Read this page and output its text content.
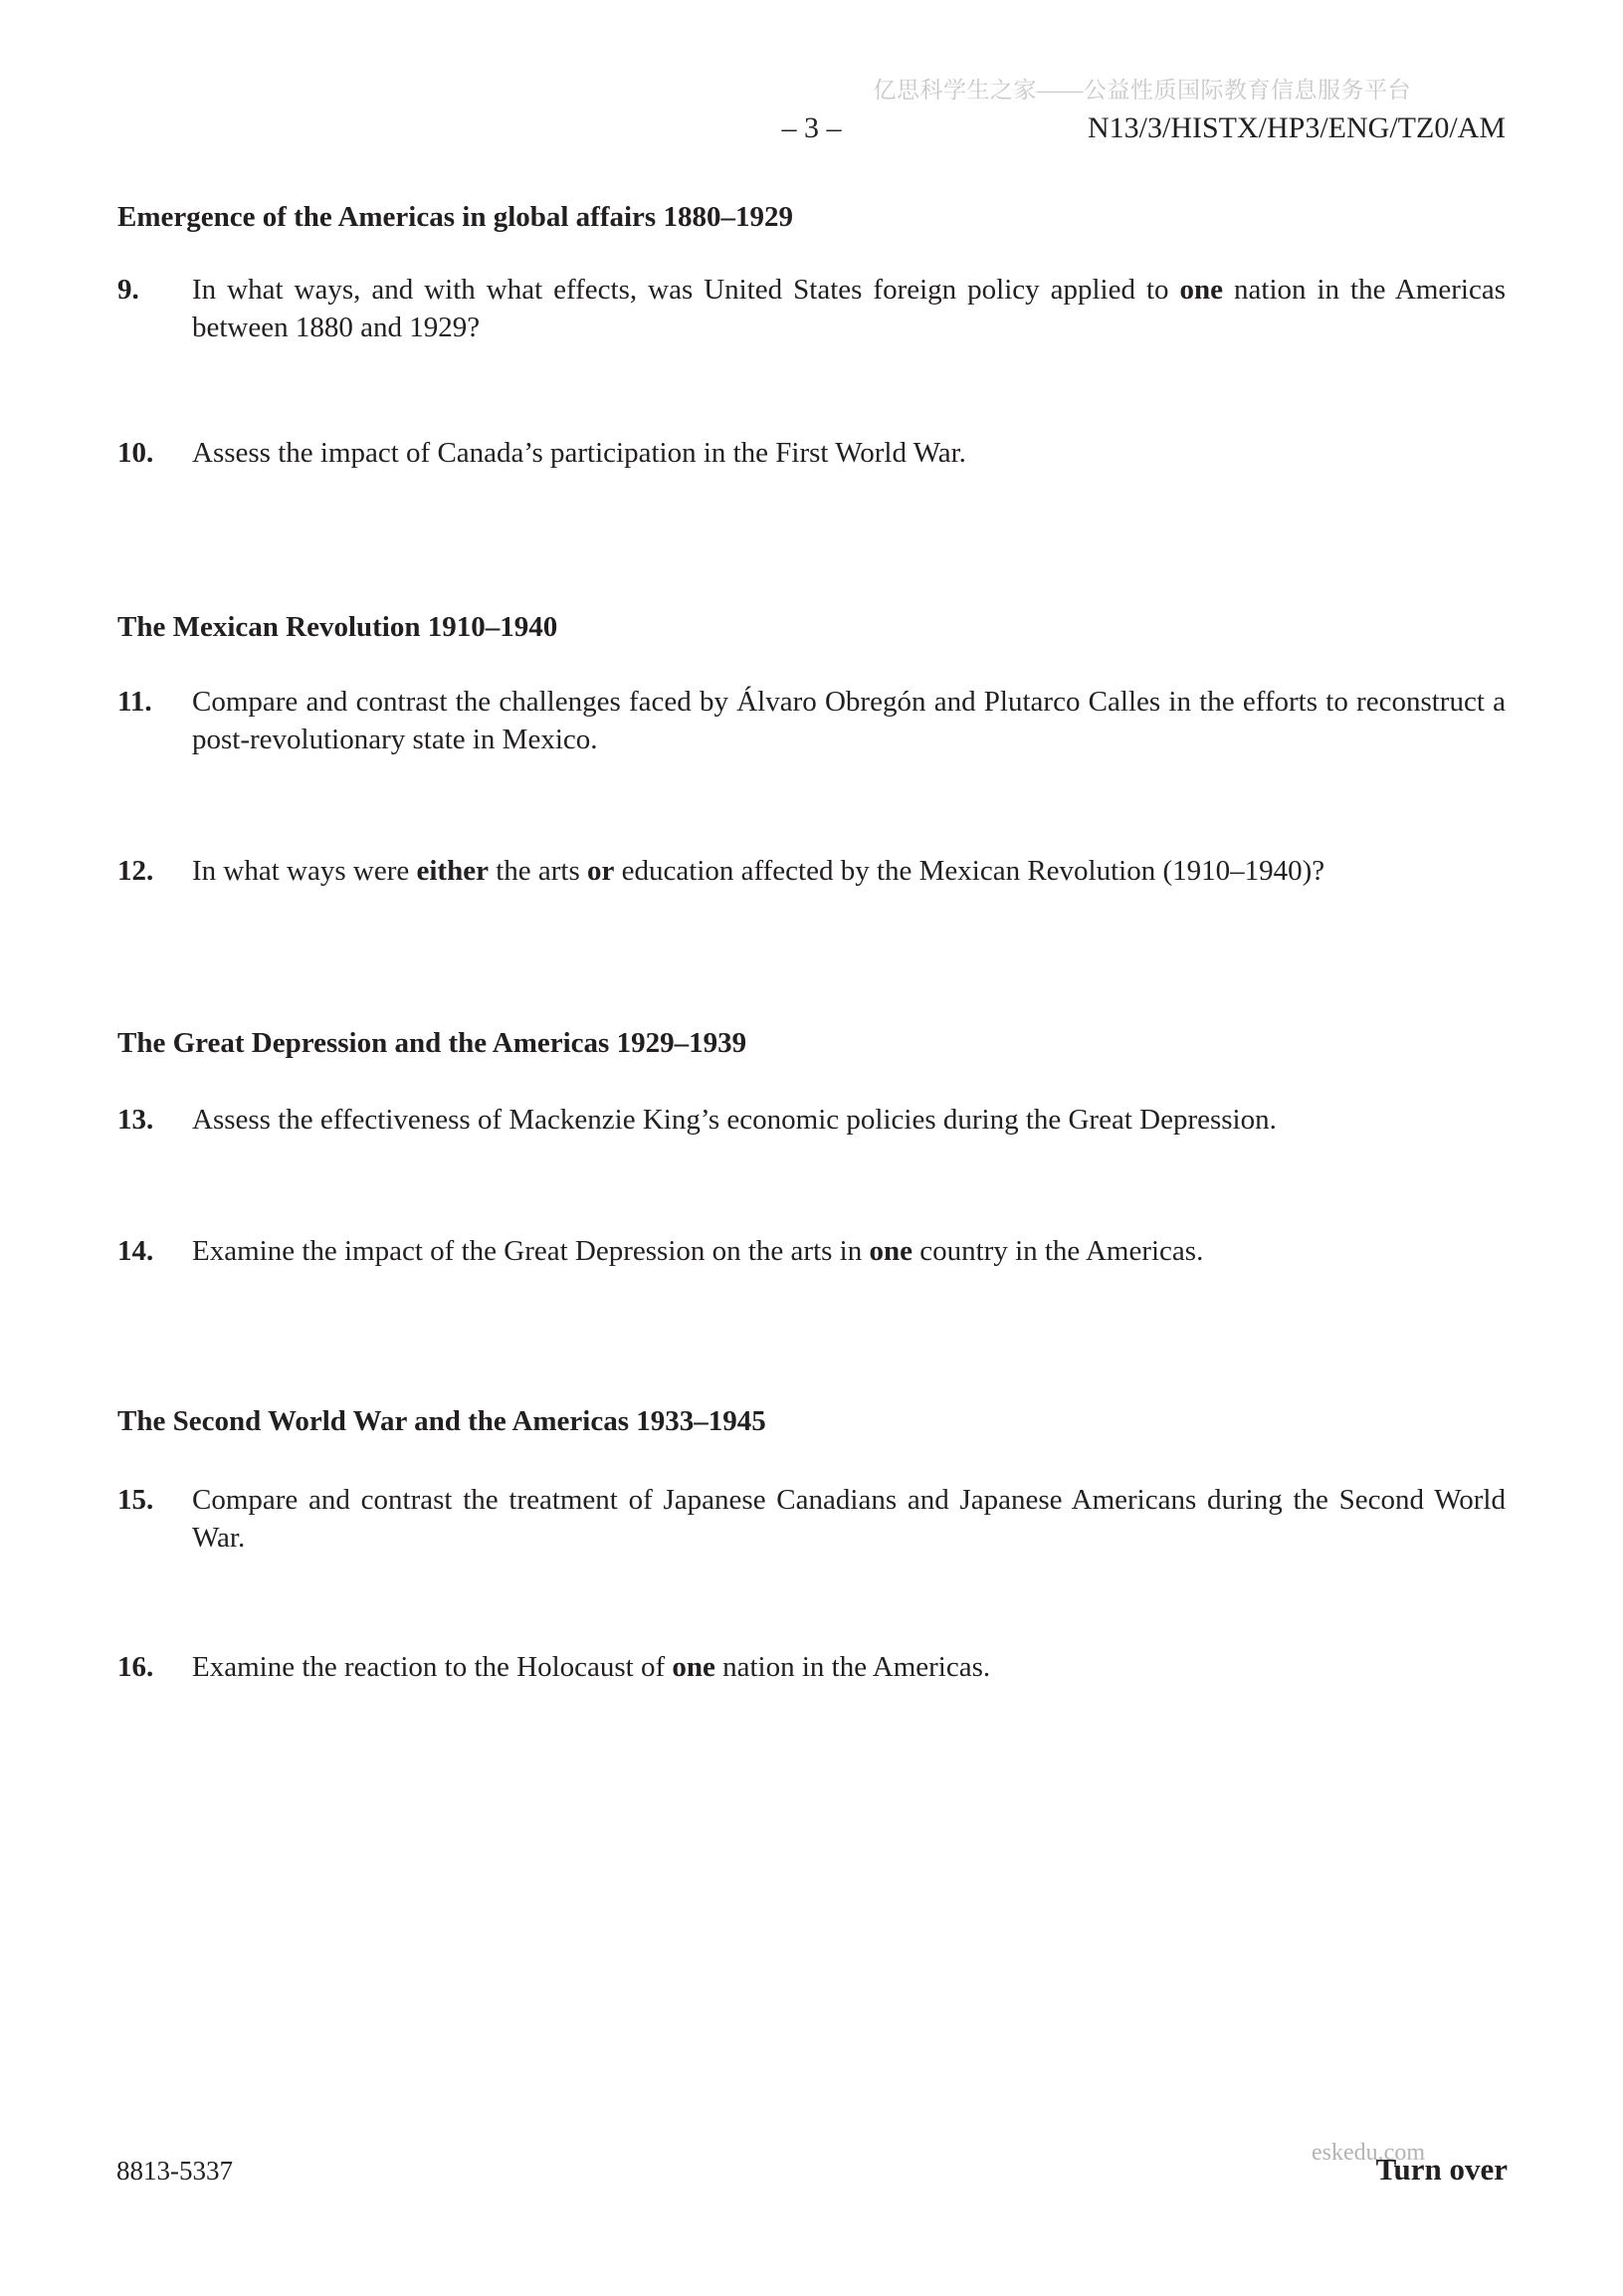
亿思科学生之家——公益性质国际教育信息服务平台
– 3 –	N13/3/HISTX/HP3/ENG/TZ0/AM
Emergence of the Americas in global affairs 1880–1929
9.	In what ways, and with what effects, was United States foreign policy applied to one nation in the Americas between 1880 and 1929?
10.	Assess the impact of Canada’s participation in the First World War.
The Mexican Revolution 1910–1940
11.	Compare and contrast the challenges faced by Álvaro Obregón and Plutarco Calles in the efforts to reconstruct a post-revolutionary state in Mexico.
12.	In what ways were either the arts or education affected by the Mexican Revolution (1910–1940)?
The Great Depression and the Americas 1929–1939
13.	Assess the effectiveness of Mackenzie King’s economic policies during the Great Depression.
14.	Examine the impact of the Great Depression on the arts in one country in the Americas.
The Second World War and the Americas 1933–1945
15.	Compare and contrast the treatment of Japanese Canadians and Japanese Americans during the Second World War.
16.	Examine the reaction to the Holocaust of one nation in the Americas.
8813-5337
eskedu.com
Turn over
